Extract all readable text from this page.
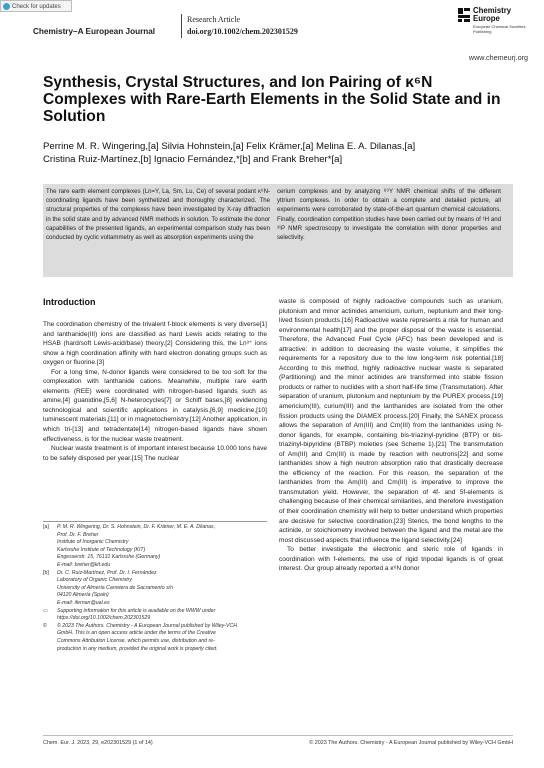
Check for updates
Chemistry–A European Journal
Research Article
doi.org/10.1002/chem.202301529
Chemistry
Europe
European Chemical Societies Publishing
www.chemeurj.org
Synthesis, Crystal Structures, and Ion Pairing of κ⁶N Complexes with Rare-Earth Elements in the Solid State and in Solution
Perrine M. R. Wingering,[a] Silvia Hohnstein,[a] Felix Krämer,[a] Melina E. A. Dilanas,[a]
Cristina Ruiz-Martínez,[b] Ignacio Fernández,*[b] and Frank Breher*[a]
The rare earth element complexes (Ln=Y, La, Sm, Lu, Ce) of several podant κ⁶N-coordinating ligands have been synthetized and thoroughly characterized. The structural properties of the complexes have been investigated by X-ray diffraction in the solid state and by advanced NMR methods in solution. To estimate the donor capabilities of the presented ligands, an experimental comparison study has been conducted by cyclic voltammetry as well as absorption experiments using the
cerium complexes and by analyzing ⁸⁹Y NMR chemical shifts of the different yttrium complexes. In order to obtain a complete and detailed picture, all experiments were corroborated by state-of-the-art quantum chemical calculations. Finally, coordination competition studies have been carried out by means of ¹H and ³¹P NMR spectroscopy to investigate the correlation with donor properties and selectivity.
Introduction

The coordination chemistry of the trivalent f-block elements is very diverse[1] and lanthanide(III) ions are classified as hard Lewis acids relating to the HSAB (hard/soft Lewis-acid/base) theory.[2] Considering this, the Ln³⁺ ions show a high coordination affinity with hard electron donating groups such as oxygen or fluorine.[3]

For a long time, N-donor ligands were considered to be too soft for the complexation with lanthanide cations. Meanwhile, multiple rare earth elements (REE) were coordinated with nitrogen-based ligands such as amine,[4] guanidine,[5,6] N-heterocycles[7] or Schiff bases,[8] evidencing technological and scientific applications in catalysis,[6,9] medicine,[10] luminescent materials,[11] or in magnetochemistry.[12] Another application, in which tri-[13] and tetradentate[14] nitrogen-based ligands have shown effectiveness, is for the nuclear waste treatment.

Nuclear waste treatment is of important interest because 10.000 tons have to be safely disposed per year.[15] The nuclear

waste is composed of highly radioactive compounds such as uranium, plutonium and minor actinides americium, curium, neptunium and their long-lived fission products.[16] Radioactive waste represents a risk for human and environmental health[17] and the proper disposal of the waste is essential. Therefore, the Advanced Fuel Cycle (AFC) has been developed and is attractive: in addition to decreasing the waste volume, it simplifies the requirements for a repository due to the low long-term risk potential.[18] According to this method, highly radioactive nuclear waste is separated (Partitioning) and the minor actinides are transformed into stable fission products or rather to nuclides with a short half-life time (Transmutation). After separation of uranium, plutonium and neptunium by the PUREX process,[19] americium(III), curium(III) and the lanthanides are isolated from the other fission products using the DIAMEX process.[20] Finally, the SANEX process allows the separation of Am(III) and Cm(III) from the lanthanides using N-donor ligands, for example, containing bis-triazinyl-pyridine (BTP) or bis-triazinyl-bipyridine (BTBP) moieties (see Scheme 1).[21] The transmutation of Am(III) and Cm(III) is made by reaction with neutrons[22] and some lanthanides show a high neutron absorption ratio that drastically decrease the efficiency of the reaction. For this reason, the separation of the lanthanides from the Am(III) and Cm(III) is imperative to improve the transmutation yield. However, the separation of 4f- and 5f-elements is challenging because of their chemical similarities, and therefore investigation of their coordination chemistry will help to better understand which properties are decisive for selective coordination.[23] Sterics, the bond lengths to the actinide, or stoichiometry involved between the ligand and the metal are the most discussed aspects that influence the ligand selectivity.[24]

To better investigate the electronic and steric role of ligands in coordination with f-elements, the use of rigid tripodal ligands is of great interest. Our group already reported a κ⁶N donor

[a] P. M. R. Wingering, Dr. S. Hohnstein, Dr. F. Krämer, M. E. A. Dilanas,
Prof. Dr. F. Breher
Institute of Inorganic Chemistry
Karlsruhe Institute of Technology (KIT)
Engesserstr. 15, 76131 Karlsruhe (Germany)
E-mail: breher@kit.edu
[b] Dr. C. Ruiz-Martínez, Prof. Dr. I. Fernández
Laboratory of Organic Chemistry
University of Almería Carretera de Sacramento s/n
04120 Almería (Spain)
E-mail: ifernan@ual.es
▭ Supporting information for this article is available on the WWW under
https://doi.org/10.1002/chem.202301529
© © 2023 The Authors. Chemistry - A European Journal published by Wiley-VCH
GmbH. This is an open access article under the terms of the Creative
Commons Attribution License, which permits use, distribution and re-
production in any medium, provided the original work is properly cited.
Chem. Eur. J. 2023, 29, e202301529 (1 of 14)	© 2023 The Authors. Chemistry - A European Journal published by Wiley-VCH GmbH
